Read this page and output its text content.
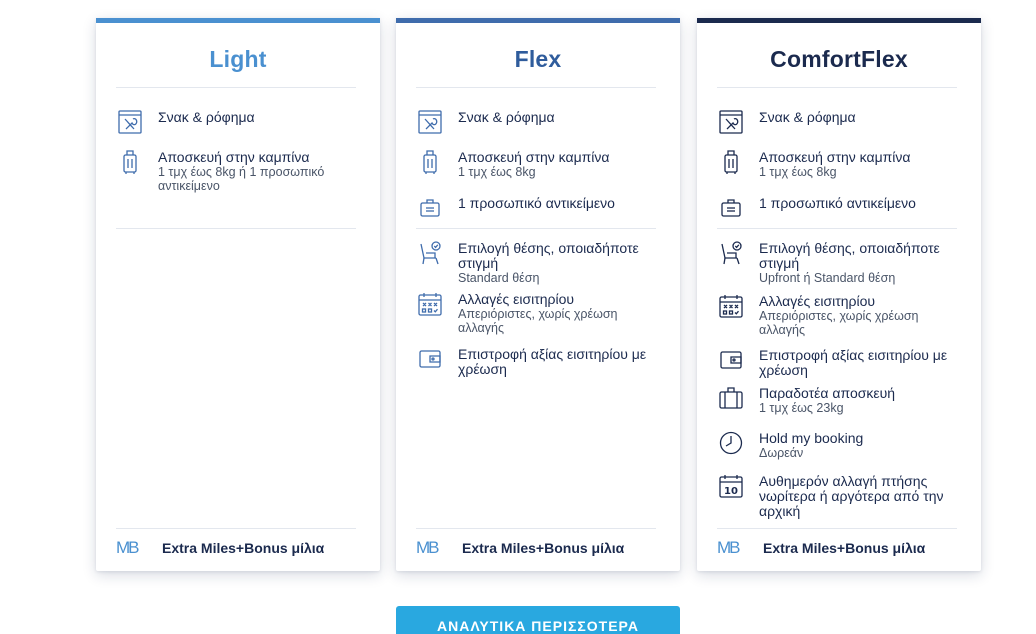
Light
Σνακ & ρόφημα
Αποσκευή στην καμπίνα
1 τμχ έως 8kg ή 1 προσωπικό αντικείμενο
MB	Extra Miles+Bonus μίλια
Flex
Σνακ & ρόφημα
Αποσκευή στην καμπίνα
1 τμχ έως 8kg
1 προσωπικό αντικείμενο
Επιλογή θέσης, οποιαδήποτε στιγμή
Standard θέση
Αλλαγές εισιτηρίου
Απεριόριστες, χωρίς χρέωση αλλαγής
Επιστροφή αξίας εισιτηρίου με χρέωση
MB	Extra Miles+Bonus μίλια
ComfortFlex
Σνακ & ρόφημα
Αποσκευή στην καμπίνα
1 τμχ έως 8kg
1 προσωπικό αντικείμενο
Επιλογή θέσης, οποιαδήποτε στιγμή
Upfront ή Standard θέση
Αλλαγές εισιτηρίου
Απεριόριστες, χωρίς χρέωση αλλαγής
Επιστροφή αξίας εισιτηρίου με χρέωση
Παραδοτέα αποσκευή
1 τμχ έως 23kg
Hold my booking
Δωρεάν
10
Αυθημερόν αλλαγή πτήσης νωρίτερα ή αργότερα από την αρχική
MB	Extra Miles+Bonus μίλια
ΑΝΑΛΥΤΙΚΑ ΠΕΡΙΣΣΟΤΕΡΑ
